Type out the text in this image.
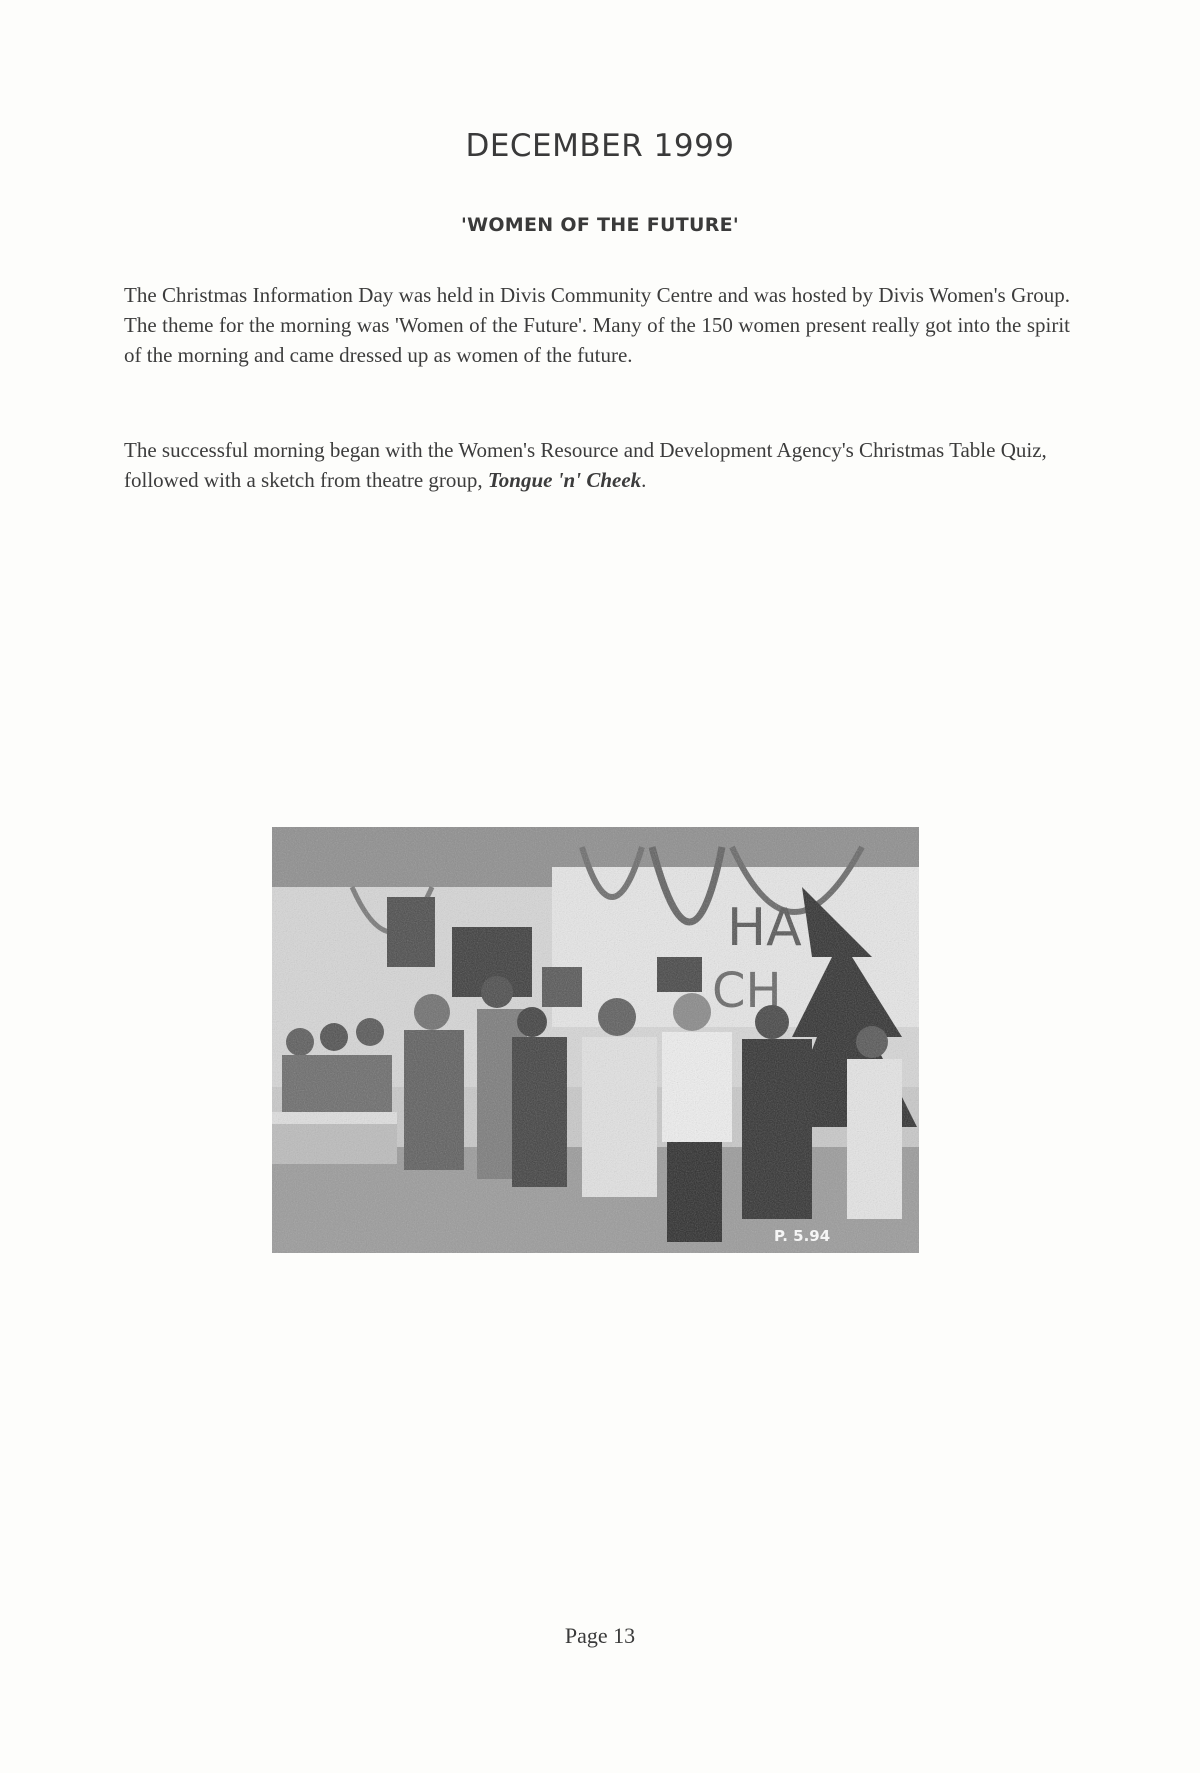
DECEMBER 1999
'WOMEN OF THE FUTURE'
The Christmas Information Day was held in Divis Community Centre and was hosted by Divis Women's Group. The theme for the morning was 'Women of the Future'. Many of the 150 women present really got into the spirit of the morning and came dressed up as women of the future.
The successful morning began with the Women's Resource and Development Agency's Christmas Table Quiz, followed with a sketch from theatre group, Tongue 'n' Cheek.
P. 5.94
Page 13
